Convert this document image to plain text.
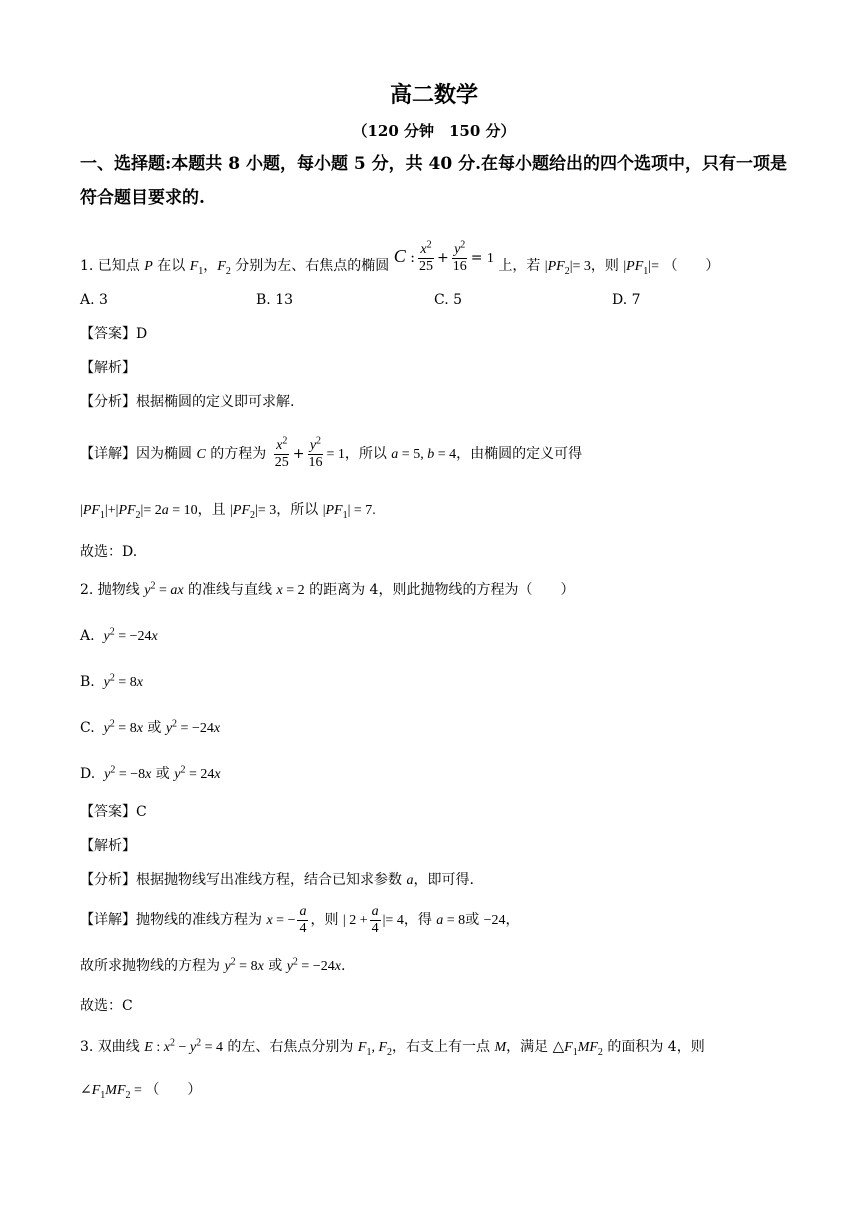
高二数学
（120 分钟　150 分）
一、选择题:本题共 8 小题，每小题 5 分，共 40 分.在每小题给出的四个选项中，只有一项是
符合题目要求的.
1. 已知点 P 在以 $F_1$，$F_2$ 分别为左、右焦点的椭圆 C : $\frac{x^2}{25} + \frac{y^2}{16} = 1$ 上，若 $|PF_2|= 3$，则 $|PF_1|=$ （　　）
A. 3	B. 13	C. 5	D. 7
【答案】D
【解析】
【分析】根据椭圆的定义即可求解.
【详解】因为椭圆 C 的方程为 $\frac{x^2}{25} + \frac{y^2}{16} = 1$，所以 a = 5, b = 4，由椭圆的定义可得
$|PF_1|+|PF_2|= 2a = 10$，且 $|PF_2|= 3$，所以 $|PF_1| = 7$.
故选：D.
2. 抛物线 $y^2$ = ax 的准线与直线 x = 2 的距离为 4，则此抛物线的方程为（　　）
A. $y^2 = -24x$
B. $y^2 = 8x$
C. $y^2 = 8x$ 或 $y^2 = -24x$
D. $y^2 = -8x$ 或 $y^2 = 24x$
【答案】C
【解析】
【分析】根据抛物线写出准线方程，结合已知求参数 a，即可得.
【详解】抛物线的准线方程为 x = − $\frac{a}{4}$ ，则 | $2 + \frac{a}{4}$ |= 4，得 a = 8或 −24，
故所求抛物线的方程为 $y^2 = 8x$ 或 $y^2 = -24x$.
故选：C
3. 双曲线 E : $x^2 - y^2 = 4$ 的左、右焦点分别为 $F_1$, $F_2$，右支上有一点 M，满足 $\triangle F_1MF_2$ 的面积为 4，则
$\angle F_1MF_2$ = （　　）
